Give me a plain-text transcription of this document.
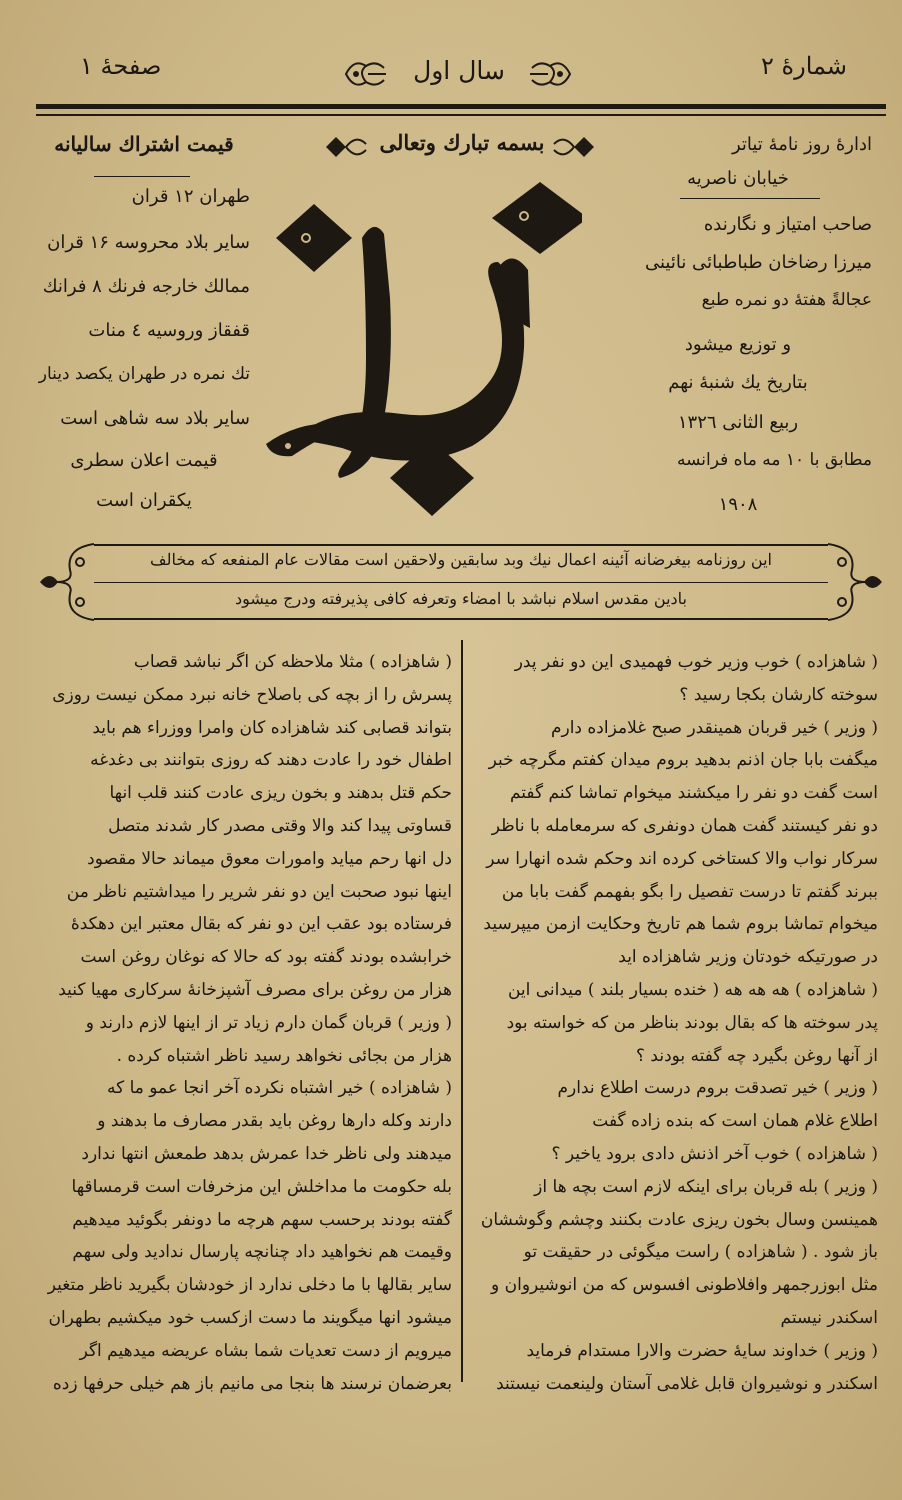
شمارهٔ ۲
سال اول
صفحهٔ ۱
قيمت اشتراك ساليانه
طهران ۱۲ قران
ساير بلاد محروسه ۱۶ قران
ممالك خارجه فرنك ۸ فرانك
قفقاز وروسيه ٤ منات
تك نمره در طهران يكصد دينار
ساير بلاد سه شاهى است
قيمت اعلان سطرى
يكقران است
بسمه تبارك وتعالى
تياتر
ادارهٔ روز نامهٔ تياتر
خيابان ناصريه
صاحب امتياز و نگارنده
ميرزا رضاخان طباطبائى نائينى
عجالةً هفتهٔ دو نمره طبع
و توزيع ميشود
بتاريخ يك شنبهٔ نهم
ربيع الثانى ۱۳۲٦
مطابق با ۱۰ مه ماه فرانسه
۱۹۰۸
اين روزنامه بيغرضانه آئينه اعمال نيك وبد سابقين ولاحقين است مقالات عام المنفعه كه مخالف
بادين مقدس اسلام نباشد با امضاء وتعرفه كافى پذيرفته ودرج ميشود
( شاهزاده ) خوب وزير خوب فهميدى اين دو نفر پدر
سوخته كارشان بكجا رسيد ؟
( وزير ) خير قربان همينقدر صبح غلامزاده دارم
ميگفت بابا جان اذنم بدهيد بروم ميدان كفتم مگرچه خبر
است گفت دو نفر را ميكشند ميخوام تماشا كنم گفتم
دو نفر كيستند گفت همان دونفرى كه سرمعامله با ناظر
سركار نواب والا كستاخى كرده اند وحكم شده انهارا سر
ببرند گفتم تا درست تفصيل را بگو بفهمم گفت بابا من
ميخوام تماشا بروم شما هم تاريخ وحكايت ازمن ميپرسيد
در صورتيكه خودتان وزير شاهزاده ايد
( شاهزاده ) هه هه هه ( خنده بسيار بلند ) ميدانى اين
پدر سوخته ها كه بقال بودند بناظر من كه خواسته بود
از آنها روغن بگيرد چه گفته بودند ؟
( وزير ) خير تصدقت بروم درست اطلاع ندارم
اطلاع غلام همان است كه بنده زاده گفت
( شاهزاده ) خوب آخر اذنش دادى برود ياخير ؟
( وزير ) بله قربان براى اينكه لازم است بچه ها از
همينسن وسال بخون ريزى عادت بكنند وچشم وگوششان
باز شود . ( شاهزاده ) راست ميگوئى در حقيقت تو
مثل ابوزرجمهر وافلاطونى افسوس كه من انوشيروان و
اسكندر نيستم
( وزير ) خداوند سايهٔ حضرت والارا مستدام فرمايد
اسكندر و نوشيروان قابل غلامى آستان ولينعمت نيستند
( شاهزاده ) مثلا ملاحظه كن اگر نباشد قصاب
پسرش را از بچه كى باصلاح خانه نبرد ممكن نيست روزى
بتواند قصابى كند شاهزاده كان وامرا ووزراء هم بايد
اطفال خود را عادت دهند كه روزى بتوانند بى دغدغه
حكم قتل بدهند و بخون ريزى عادت كنند قلب انها
قساوتى پيدا كند والا وقتى مصدر كار شدند متصل
دل انها رحم ميايد وامورات معوق ميماند حالا مقصود
اينها نبود صحبت اين دو نفر شرير را ميداشتيم ناظر من
فرستاده بود عقب اين دو نفر كه بقال معتبر اين دهكدهٔ
خرابشده بودند گفته بود كه حالا كه نوغان روغن است
هزار من روغن براى مصرف آشپزخانهٔ سركارى مهيا كنيد
( وزير ) قربان گمان دارم زياد تر از اينها لازم دارند و
هزار من بجائى نخواهد رسيد ناظر اشتباه كرده .
( شاهزاده ) خير اشتباه نكرده آخر انجا عمو ما كه
دارند وكله دارها روغن بايد بقدر مصارف ما بدهند و
ميدهند ولى ناظر خدا عمرش بدهد طمعش انتها ندارد
بله حكومت ما مداخلش اين مزخرفات است قرمساقها
گفته بودند برحسب سهم هرچه ما دونفر بگوئيد ميدهيم
وقيمت هم نخواهيد داد چنانچه پارسال نداديد ولى سهم
ساير بقالها با ما دخلى ندارد از خودشان بگيريد ناظر متغير
ميشود انها ميگويند ما دست ازكسب خود ميكشيم بطهران
ميرويم از دست تعديات شما بشاه عريضه ميدهيم اگر
بعرضمان نرسند ها بنجا مى مانيم باز هم خيلى حرفها زده
